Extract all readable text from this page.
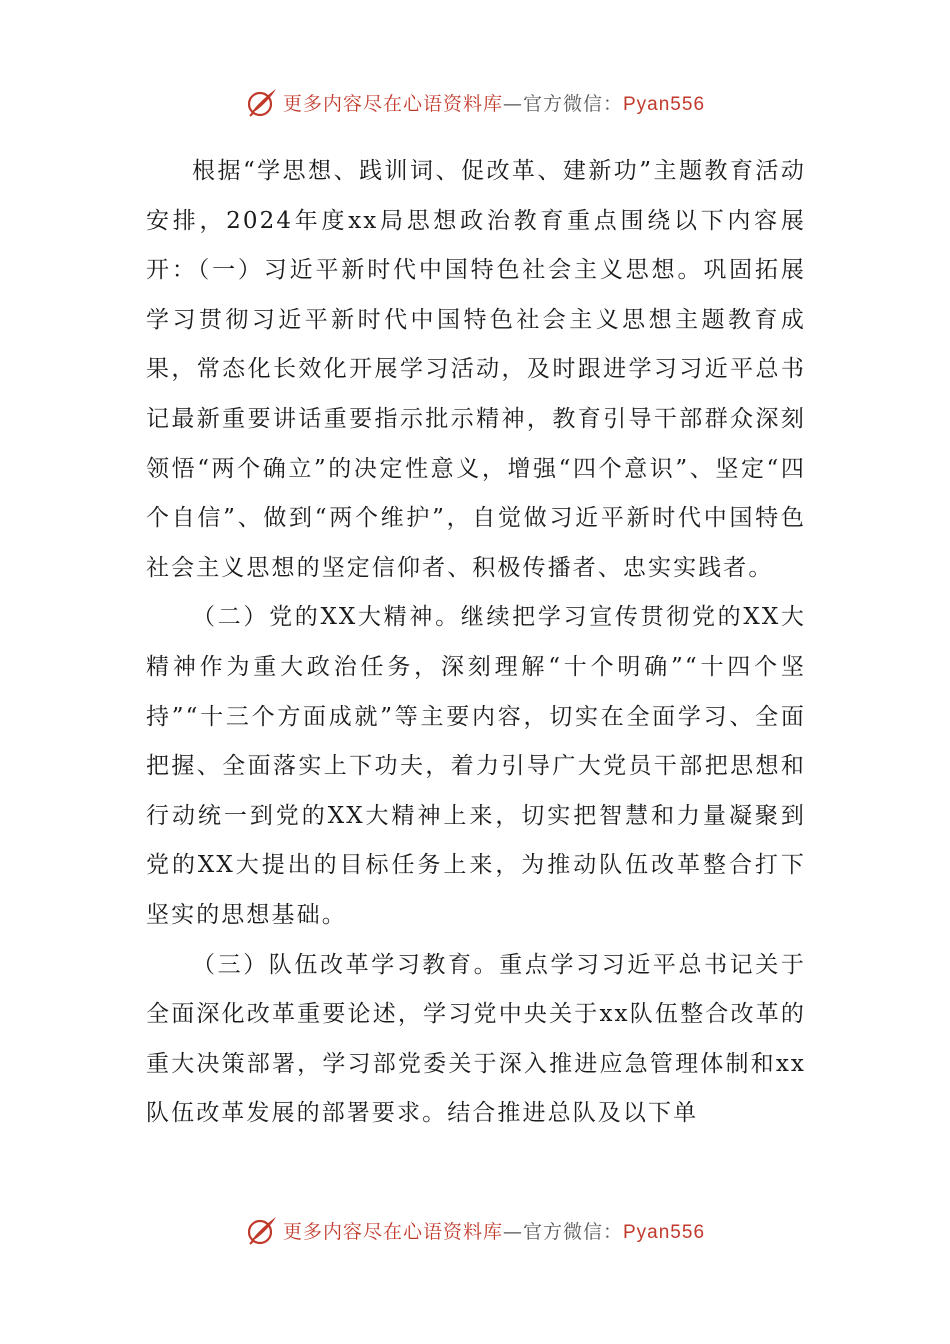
更多内容尽在心语资料库—官方微信：Pyan556

根据“学思想、践训词、促改革、建新功”主题教育活动安排，2024年度xx局思想政治教育重点围绕以下内容展开：（一）习近平新时代中国特色社会主义思想。巩固拓展学习贯彻习近平新时代中国特色社会主义思想主题教育成果，常态化长效化开展学习活动，及时跟进学习习近平总书记最新重要讲话重要指示批示精神，教育引导干部群众深刻领悟“两个确立”的决定性意义，增强“四个意识”、坚定“四个自信”、做到“两个维护”，自觉做习近平新时代中国特色社会主义思想的坚定信仰者、积极传播者、忠实实践者。

（二）党的XX大精神。继续把学习宣传贯彻党的XX大精神作为重大政治任务，深刻理解“十个明确”“十四个坚持”“十三个方面成就”等主要内容，切实在全面学习、全面把握、全面落实上下功夫，着力引导广大党员干部把思想和行动统一到党的XX大精神上来，切实把智慧和力量凝聚到党的XX大提出的目标任务上来，为推动队伍改革整合打下坚实的思想基础。

（三）队伍改革学习教育。重点学习习近平总书记关于全面深化改革重要论述，学习党中央关于xx队伍整合改革的重大决策部署，学习部党委关于深入推进应急管理体制和xx队伍改革发展的部署要求。结合推进总队及以下单

更多内容尽在心语资料库—官方微信：Pyan556
